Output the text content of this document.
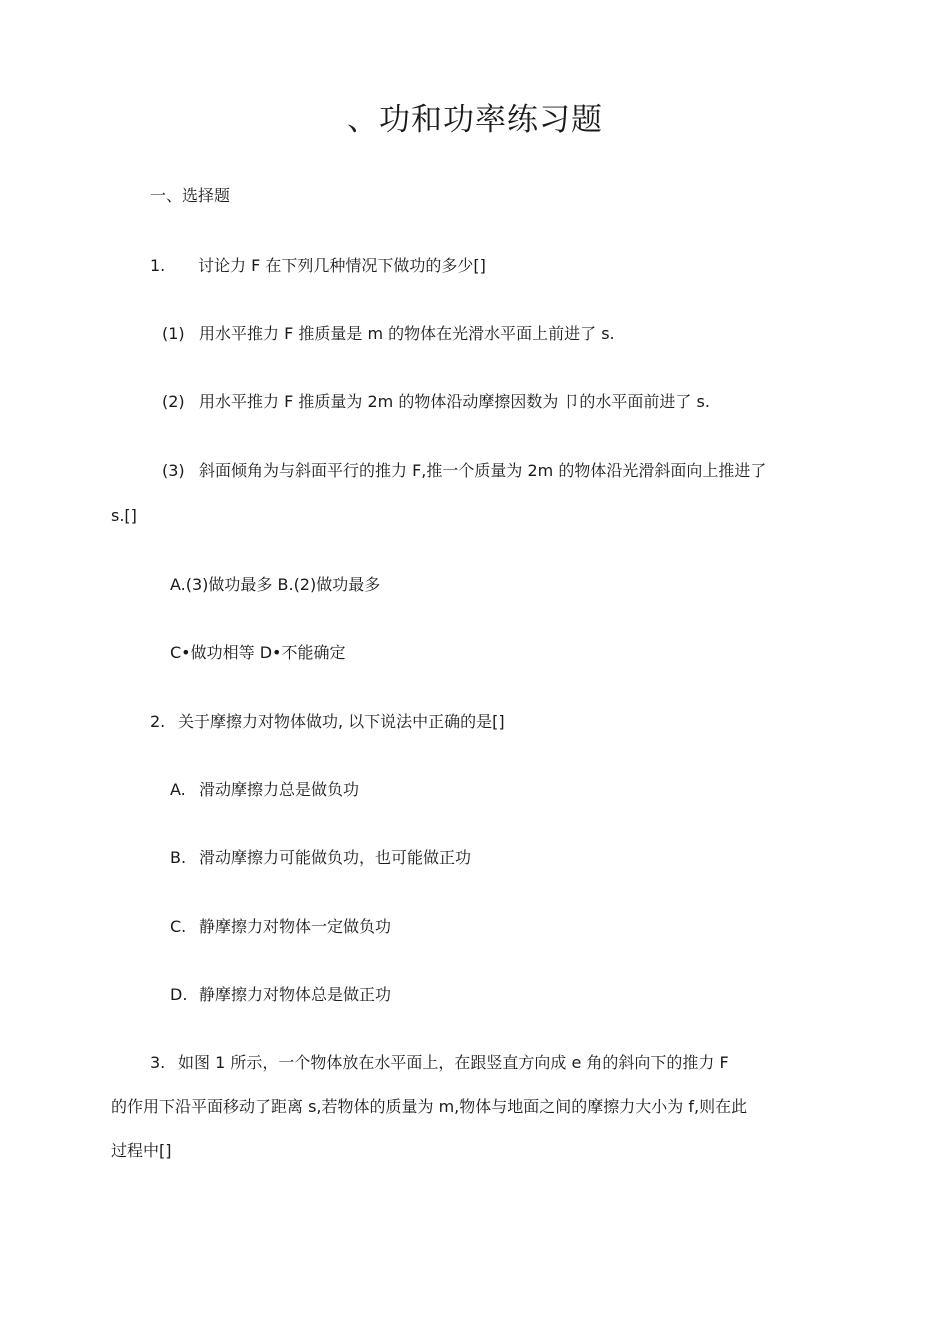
、功和功率练习题
一、选择题
1. 讨论力 F 在下列几种情况下做功的多少[]
(1) 用水平推力 F 推质量是 m 的物体在光滑水平面上前进了 s.
(2) 用水平推力 F 推质量为 2m 的物体沿动摩擦因数为 卩的水平面前进了 s.
(3) 斜面倾角为与斜面平行的推力 F,推一个质量为 2m 的物体沿光滑斜面向上推进了
s.[]
A.(3)做功最多 B.(2)做功最多
C•做功相等 D•不能确定
2. 关于摩擦力对物体做功, 以下说法中正确的是[]
A. 滑动摩擦力总是做负功
B. 滑动摩擦力可能做负功，也可能做正功
C. 静摩擦力对物体一定做负功
D. 静摩擦力对物体总是做正功
3. 如图 1 所示，一个物体放在水平面上，在跟竖直方向成 e 角的斜向下的推力 F
的作用下沿平面移动了距离 s,若物体的质量为 m,物体与地面之间的摩擦力大小为 f,则在此
过程中[]
